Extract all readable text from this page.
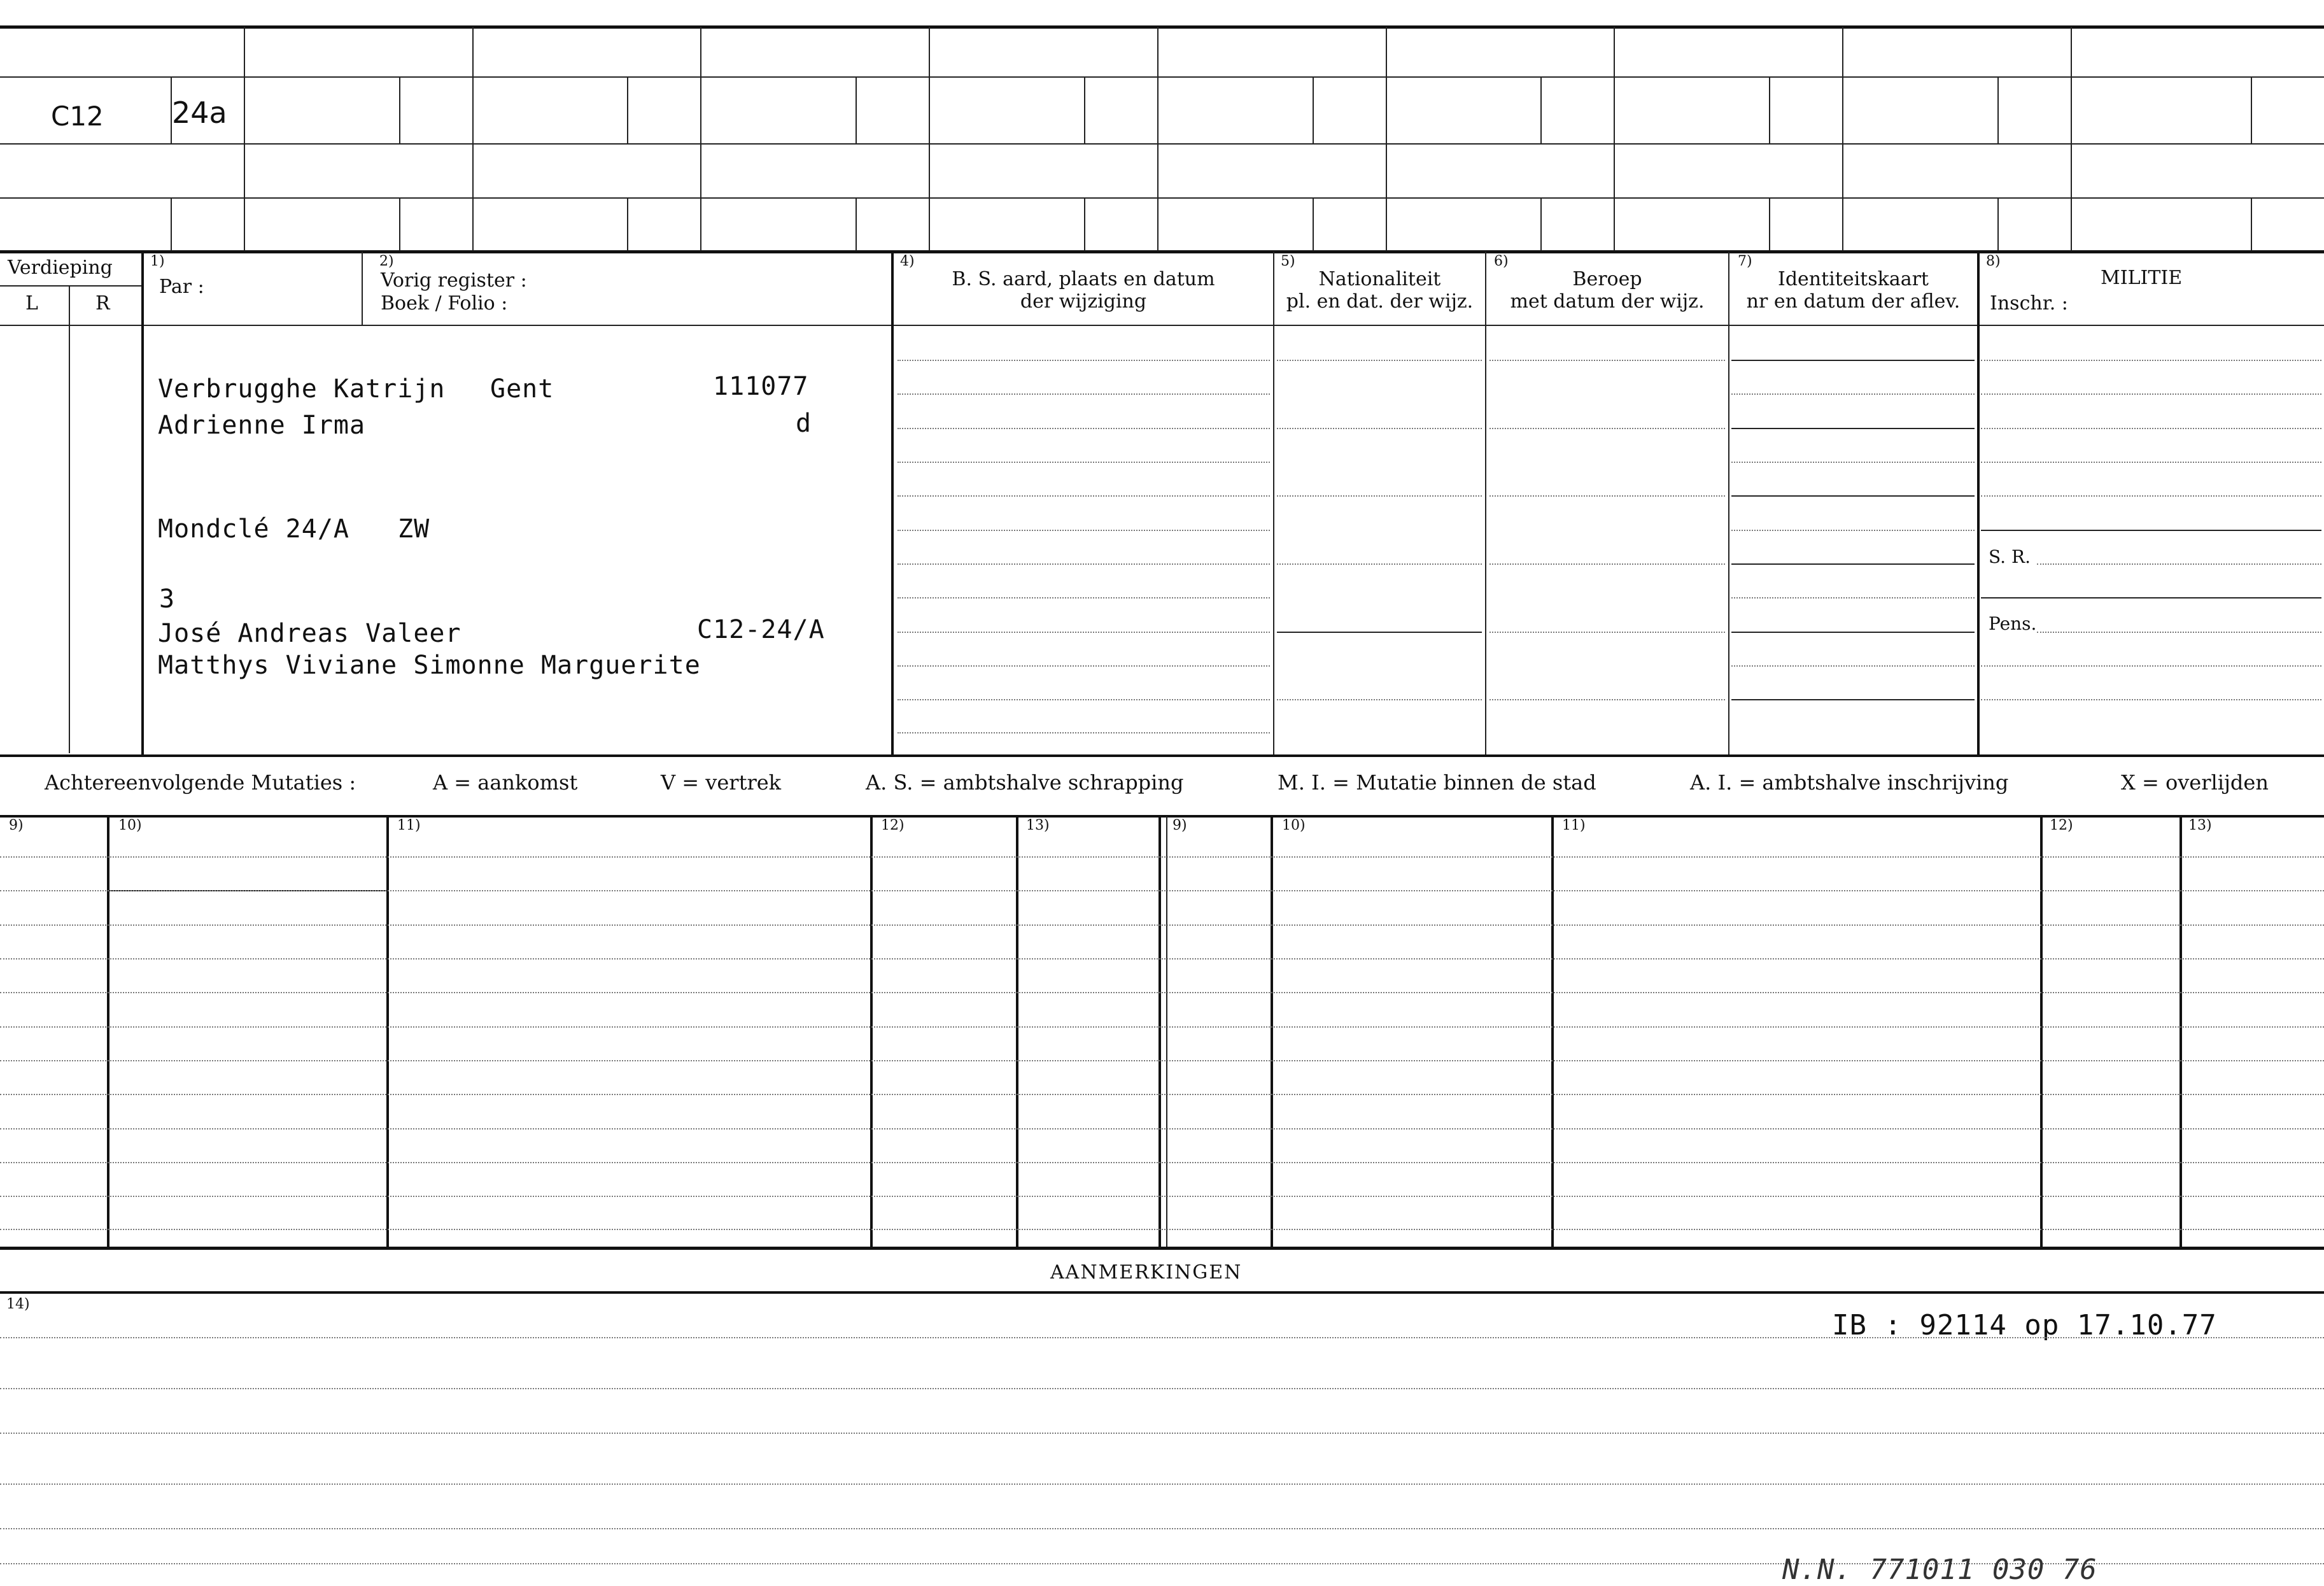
C12 24a
Verdieping
L	R
1)
Par :
2)
Vorig register :
Boek / Folio :
4)
B. S. aard, plaats en datum
der wijziging
5)
Nationaliteit
pl. en dat. der wijz.
6)
Beroep
met datum der wijz.
7)
Identiteitskaart
nr en datum der aflev.
8)
MILITIE
Inschr. :
S. R.
Pens.
Verbrugghe Katrijn Gent	111077
Adrienne Irma	d
Mondclé 24/A ZW
3
José Andreas Valeer	C12-24/A
Matthys Viviane Simonne Marguerite
Achtereenvolgende Mutaties :	A = aankomst	V = vertrek	A. S. = ambtshalve schrapping	M. I. = Mutatie binnen de stad	A. I. = ambtshalve inschrijving	X = overlijden
9)	10)	11)	12)	13)	9)	10)	11)	12)	13)
AANMERKINGEN
14)
IB : 92114 op 17.10.77
N.N. 771011 030 76
